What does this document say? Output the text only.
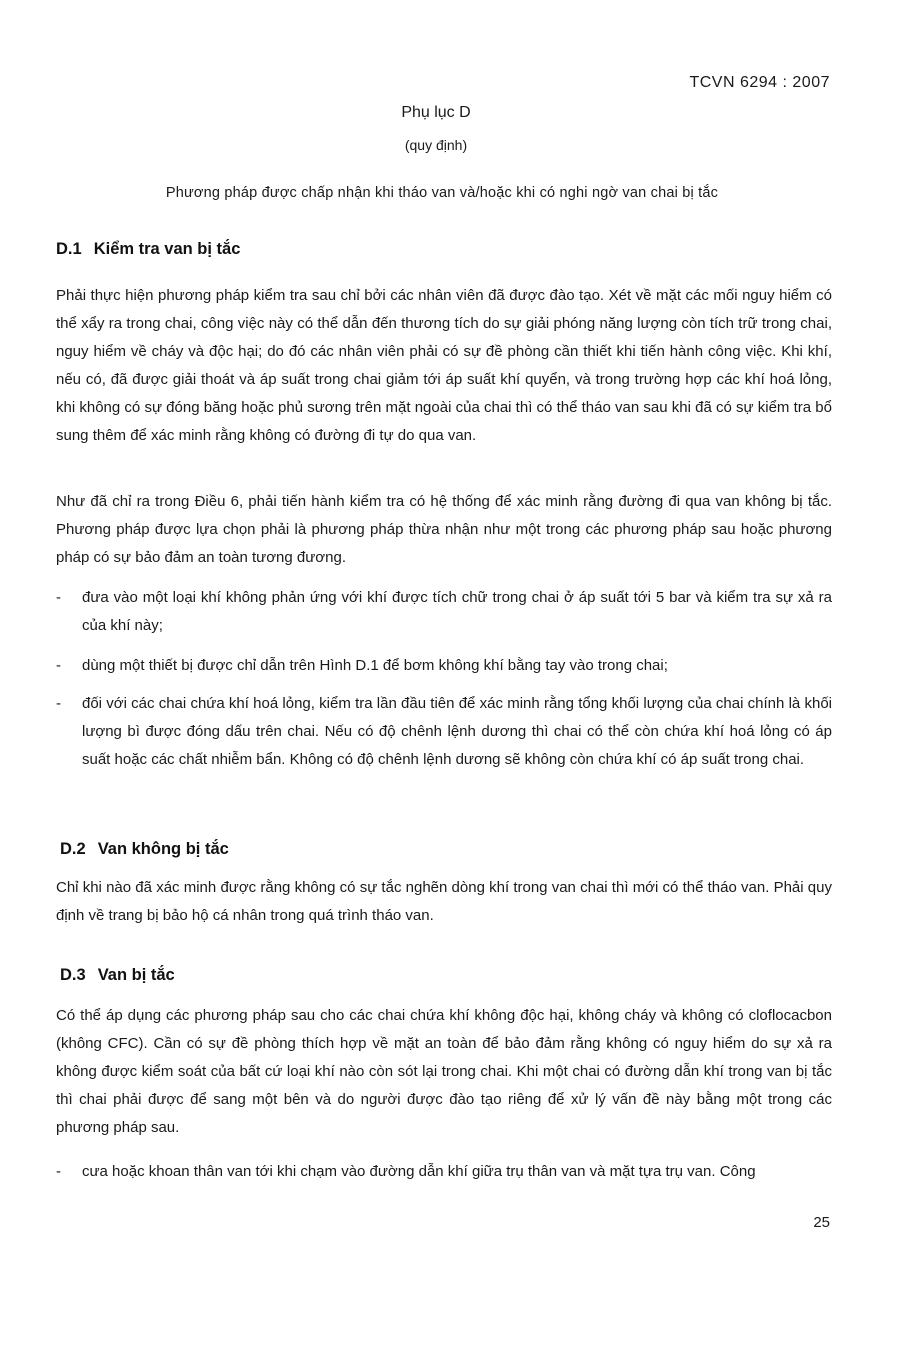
TCVN 6294 : 2007
Phụ lục D
(quy định)
Phương pháp được chấp nhận khi tháo van và/hoặc khi có nghi ngờ van chai bị tắc
D.1 Kiểm tra van bị tắc

Phải thực hiện phương pháp kiểm tra sau chỉ bởi các nhân viên đã được đào tạo. Xét về mặt các mối nguy hiểm có thể xẩy ra trong chai, công việc này có thể dẫn đến thương tích do sự giải phóng năng lượng còn tích trữ trong chai, nguy hiểm về cháy và độc hại; do đó các nhân viên phải có sự đề phòng cần thiết khi tiến hành công việc. Khi khí, nếu có, đã được giải thoát và áp suất trong chai giảm tới áp suất khí quyển, và trong trường hợp các khí hoá lỏng, khi không có sự đóng băng hoặc phủ sương trên mặt ngoài của chai thì có thể tháo van sau khi đã có sự kiểm tra bổ sung thêm để xác minh rằng không có đường đi tự do qua van.

Như đã chỉ ra trong Điều 6, phải tiến hành kiểm tra có hệ thống để xác minh rằng đường đi qua van không bị tắc. Phương pháp được lựa chọn phải là phương pháp thừa nhận như một trong các phương pháp sau hoặc phương pháp có sự bảo đảm an toàn tương đương.

-	đưa vào một loại khí không phản ứng với khí được tích chữ trong chai ở áp suất tới 5 bar và kiểm tra sự xả ra của khí này;
-	dùng một thiết bị được chỉ dẫn trên Hình D.1 để bơm không khí bằng tay vào trong chai;
-	đối với các chai chứa khí hoá lỏng, kiểm tra lần đầu tiên để xác minh rằng tổng khối lượng của chai chính là khối lượng bì được đóng dấu trên chai. Nếu có độ chênh lệnh dương thì chai có thể còn chứa khí hoá lỏng có áp suất hoặc các chất nhiễm bẩn. Không có độ chênh lệnh dương sẽ không còn chứa khí có áp suất trong chai.
D.2 Van không bị tắc

Chỉ khi nào đã xác minh được rằng không có sự tắc nghẽn dòng khí trong van chai thì mới có thể tháo van. Phải quy định về trang bị bảo hộ cá nhân trong quá trình tháo van.

D.3 Van bị tắc

Có thể áp dụng các phương pháp sau cho các chai chứa khí không độc hại, không cháy và không có cloflocacbon (không CFC). Cần có sự đề phòng thích hợp về mặt an toàn để bảo đảm rằng không có nguy hiểm do sự xả ra không được kiểm soát của bất cứ loại khí nào còn sót lại trong chai. Khi một chai có đường dẫn khí trong van bị tắc thì chai phải được để sang một bên và do người được đào tạo riêng để xử lý vấn đề này bằng một trong các phương pháp sau.

-	cưa hoặc khoan thân van tới khi chạm vào đường dẫn khí giữa trụ thân van và mặt tựa trụ van. Công
25
